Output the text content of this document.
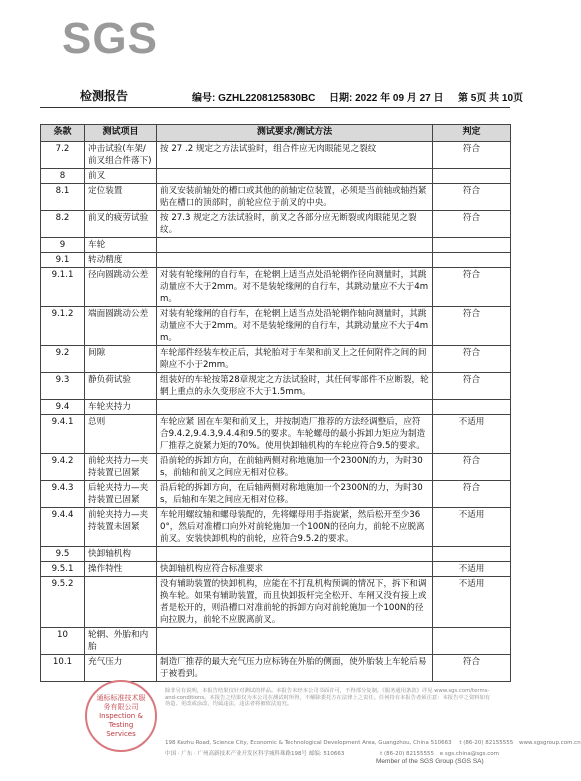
SGS
检测报告	编号: GZHL2208125830BC 日期: 2022 年 09 月 27 日 第 5页 共 10页
条款	测试项目	测试要求/测试方法	判定
7.2	冲击试验(车架/前叉组合件落下)	按 27 .2 规定之方法试验时，组合件应无肉眼能见之裂纹	符合
8	前叉		
8.1	定位装置	前叉安装前轴处的槽口或其他的前轴定位装置，必须是当前轴或轴挡紧贴在槽口的顶部时，前轮应位于前叉的中央。	符合
8.2	前叉的疲劳试验	按 27.3 规定之方法试验时，前叉之各部分应无断裂或肉眼能见之裂纹。	符合
9	车轮		
9.1	转动精度		
9.1.1	径向圆跳动公差	对装有轮缘闸的自行车，在轮辋上适当点处沿轮辋作径向测量时，其跳动量应不大于2mm。对不是装轮缘闸的自行车，其跳动量应不大于4mm。	符合
9.1.2	端面圆跳动公差	对装有轮缘闸的自行车，在轮辋上适当点处沿轮辋作轴向测量时，其跳动量应不大于2mm。对不是装轮缘闸的自行车，其跳动量应不大于4mm。	符合
9.2	间隙	车轮部件经装车校正后，其轮胎对于车架和前叉上之任何附件之间的间隙应不小于2mm。	符合
9.3	静负荷试验	组装好的车轮按第28章规定之方法试验时，其任何零部件不应断裂，轮辋上重点的永久变形应不大于1.5mm。	符合
9.4	车轮夹持力		
9.4.1	总则	车轮应紧 固在车架和前叉上，并按制造厂推荐的方法经调整后，应符合9.4.2,9.4.3,9.4.4和9.5的要求。车轮螺母的最小拆卸力矩应为制造厂推荐之旋紧力矩的70%。使用快卸轴机构的车轮应符合9.5的要求。	不适用
9.4.2	前轮夹持力—夹持装置已固紧	沿前轮的拆卸方向，在前轴两侧对称地施加一个2300N的力，为时30s，前轴和前叉之间应无相对位移。	符合
9.4.3	后轮夹持力—夹持装置已固紧	沿后轮的拆卸方向，在后轴两侧对称地施加一个2300N的力，为时30s，后轴和车架之间应无相对位移。	符合
9.4.4	前轮夹持力—夹持装置未固紧	车轮用螺纹轴和螺母装配的，先将螺母用手指旋紧，然后松开至少360°，然后对准槽口向外对前轮施加一个100N的径向力，前轮不应脱离前叉。安装快卸机构的前轮，应符合9.5.2的要求。	不适用
9.5	快卸轴机构		
9.5.1	操作特性	快卸轴机构应符合标准要求	不适用
9.5.2		没有辅助装置的快卸机构，应能在不打乱机构预调的情况下，拆下和调换车轮。如果有辅助装置，而且快卸扳杆完全松开、车闸又没有接上或者是松开的，则沿槽口对准前轮的拆卸方向对前轮施加一个100N的径向拉脱力，前轮不应脱离前叉。	不适用
10	轮辋、外胎和内胎		
10.1	充气压力	制造厂推荐的最大充气压力应标铸在外胎的侧面，使外胎装上车轮后易于被看到。	符合
通标标准技术服务有限公司 Inspection & Testing Services
除非另有说明，本报告结果仅针对测试的样品。本报告未经本公司书面许可，不得部分复制。《服务通用条款》详见 www.sgs.com/terms-and-conditions。本报告之结果仅为本公司在测试时所得，不解除委托方在法律上之责任。任何持有本报告者须注意：本报告中之资料如有伪造、更改或涂改，均属违法，违法者将被依法追究。
198 Kezhu Road, Science City, Economic & Technological Development Area, Guangzhou, China 510663 t (86-20) 82155555 www.sgsgroup.com.cn
中国 · 广东 · 广州高新技术产业开发区科学城科珠路198号 邮编: 510663	t (86-20) 82155555 e sgs.china@sgs.com
Member of the SGS Group (SGS SA)
